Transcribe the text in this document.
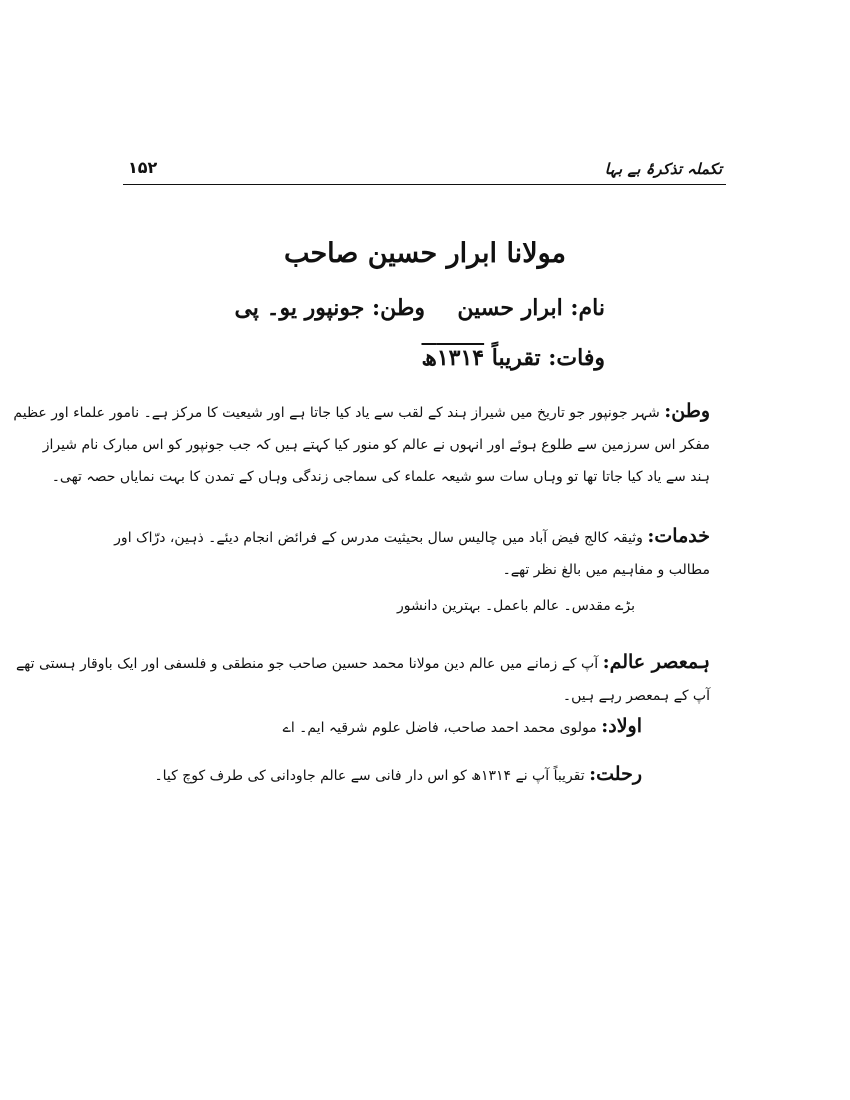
تکملہ تذکرۂ بے بہا
۱۵۲
مولانا ابرار حسین صاحب
نام: ابرار حسین
وطن: جونپور یو۔ پی
وفات: تقریباً ۱۳۱۴ھ
وطن: شہر جونپور جو تاریخ میں شیراز ہند کے لقب سے یاد کیا جاتا ہے اور شیعیت کا مرکز ہے۔ نامور علماء اور عظیم
مفکر اس سرزمین سے طلوع ہوئے اور انہوں نے عالم کو منور کیا کہتے ہیں کہ جب جونپور کو اس مبارک نام شیراز
ہند سے یاد کیا جاتا تھا تو وہاں سات سو شیعہ علماء کی سماجی زندگی وہاں کے تمدن کا بہت نمایاں حصہ تھی۔
خدمات: وثیقہ کالج فیض آباد میں چالیس سال بحیثیت مدرس کے فرائض انجام دیئے۔ ذہین، درّاک اور
مطالب و مفاہیم میں بالغ نظر تھے۔
بڑے مقدس۔ عالم باعمل۔ بہترین دانشور
ہمعصر عالم: آپ کے زمانے میں عالم دین مولانا محمد حسین صاحب جو منطقی و فلسفی اور ایک باوقار ہستی تھے
آپ کے ہمعصر رہے ہیں۔
اولاد: مولوی محمد احمد صاحب، فاضل علوم شرقیہ ایم۔ اے
رحلت: تقریباً آپ نے ۱۳۱۴ھ کو اس دار فانی سے عالم جاودانی کی طرف کوچ کیا۔
